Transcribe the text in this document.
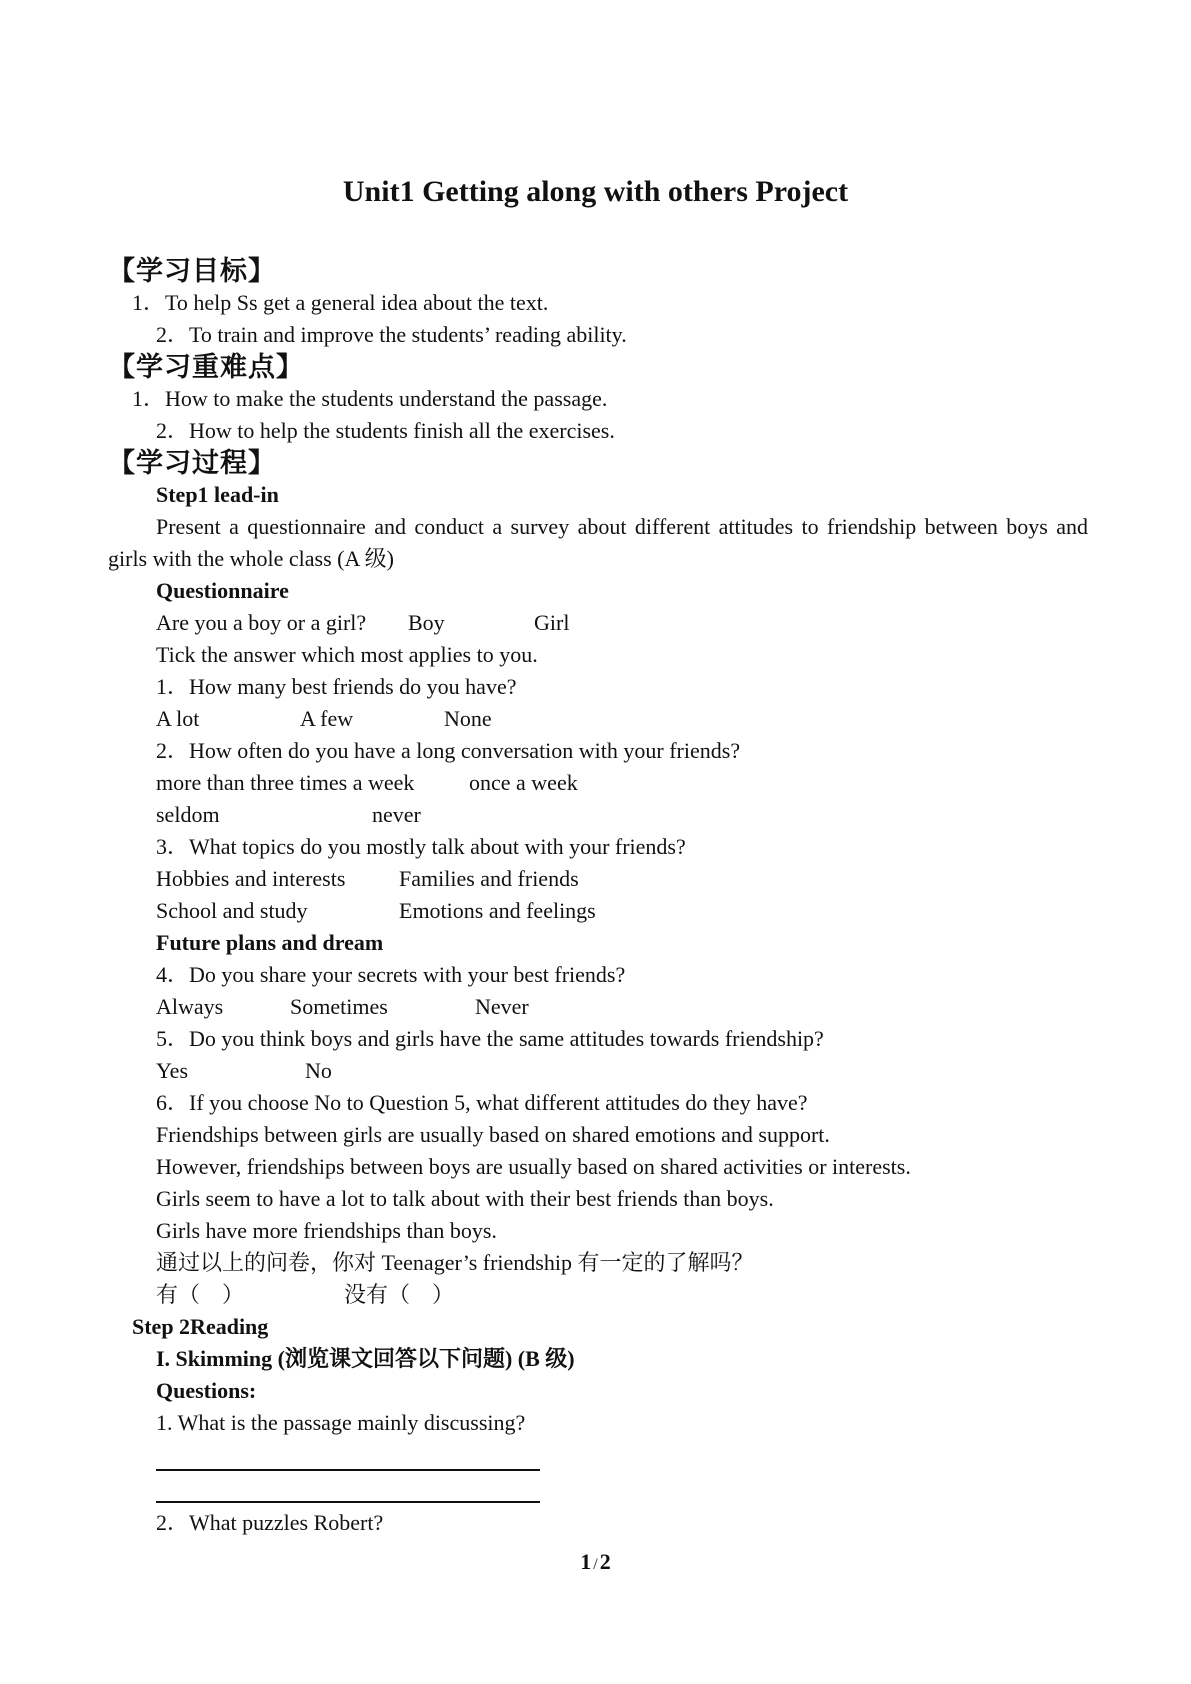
Unit1 Getting along with others Project
【学习目标】
1．To help Ss get a general idea about the text.
2．To train and improve the students’ reading ability.
【学习重难点】
1．How to make the students understand the passage.
2．How to help the students finish all the exercises.
【学习过程】
Step1 lead-in
Present a questionnaire and conduct a survey about different attitudes to friendship between boys and girls with the whole class (A 级)
Questionnaire
Are you a boy or a girl?	Boy	Girl
Tick the answer which most applies to you.
1．How many best friends do you have?
A lot	A few	None
2．How often do you have a long conversation with your friends?
more than three times a week	once a week
seldom	never
3．What topics do you mostly talk about with your friends?
Hobbies and interests	Families and friends
School and study	Emotions and feelings
Future plans and dream
4．Do you share your secrets with your best friends?
Always	Sometimes	Never
5．Do you think boys and girls have the same attitudes towards friendship?
Yes	No
6．If you choose No to Question 5, what different attitudes do they have?
Friendships between girls are usually based on shared emotions and support.
However, friendships between boys are usually based on shared activities or interests.
Girls seem to have a lot to talk about with their best friends than boys.
Girls have more friendships than boys.
通过以上的问卷，你对 Teenager’s friendship 有一定的了解吗？
有（　）	没有（　）
Step 2Reading
I. Skimming (浏览课文回答以下问题) (B 级)
Questions:
1. What is the passage mainly discussing?
2．What puzzles Robert?
1 /2
